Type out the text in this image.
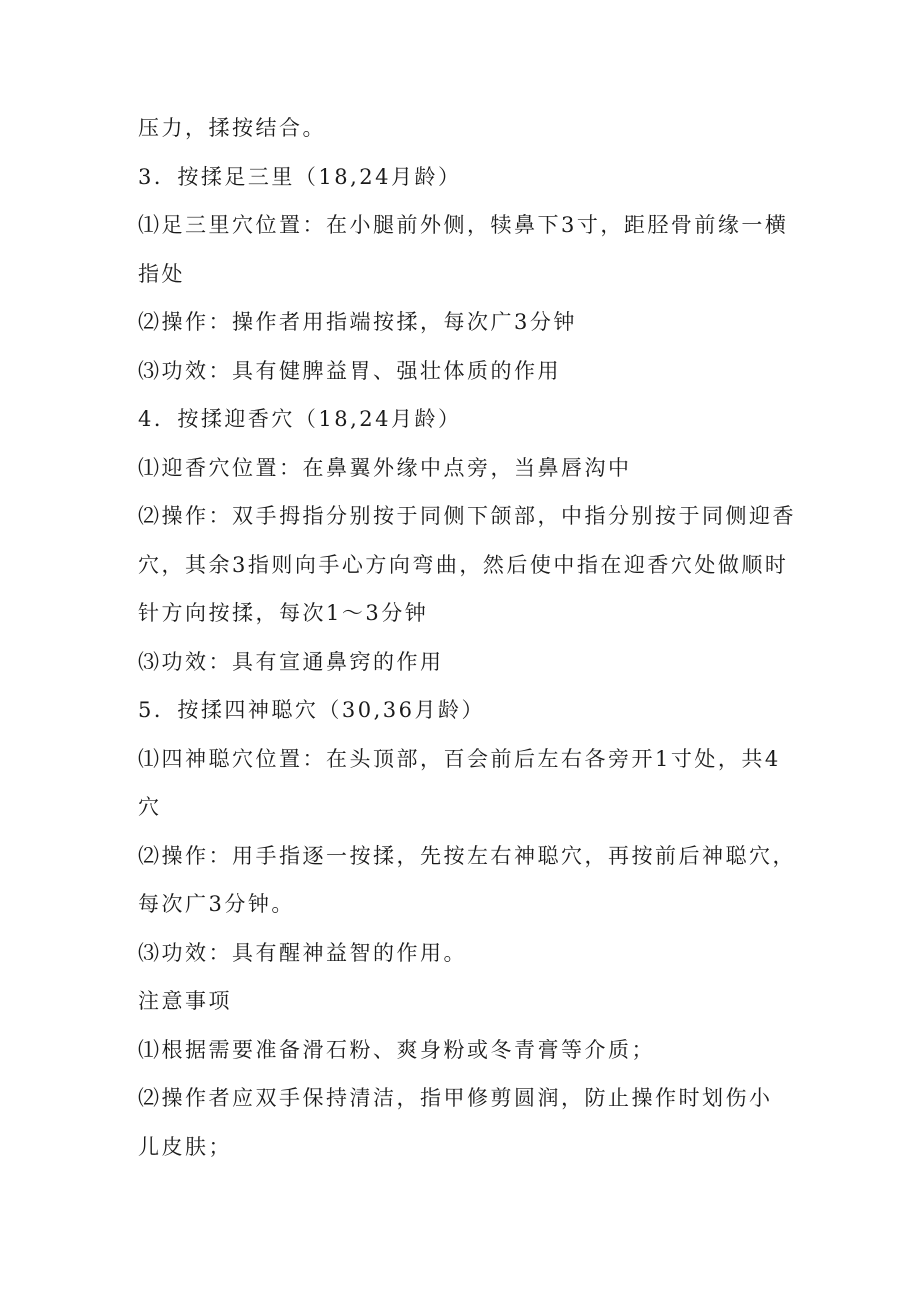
压力，揉按结合。
3．按揉足三里（18,24月龄）
⑴足三里穴位置：在小腿前外侧，犊鼻下3寸，距胫骨前缘一横
指处
⑵操作：操作者用指端按揉，每次广3分钟
⑶功效：具有健脾益胃、强壮体质的作用
4．按揉迎香穴（18,24月龄）
⑴迎香穴位置：在鼻翼外缘中点旁，当鼻唇沟中
⑵操作：双手拇指分别按于同侧下颌部，中指分别按于同侧迎香
穴，其余3指则向手心方向弯曲，然后使中指在迎香穴处做顺时
针方向按揉，每次1～3分钟
⑶功效：具有宣通鼻窍的作用
5．按揉四神聪穴（30,36月龄）
⑴四神聪穴位置：在头顶部，百会前后左右各旁开1寸处，共4
穴
⑵操作：用手指逐一按揉，先按左右神聪穴，再按前后神聪穴，
每次广3分钟。
⑶功效：具有醒神益智的作用。
注意事项
⑴根据需要准备滑石粉、爽身粉或冬青膏等介质；
⑵操作者应双手保持清洁，指甲修剪圆润，防止操作时划伤小
儿皮肤；
